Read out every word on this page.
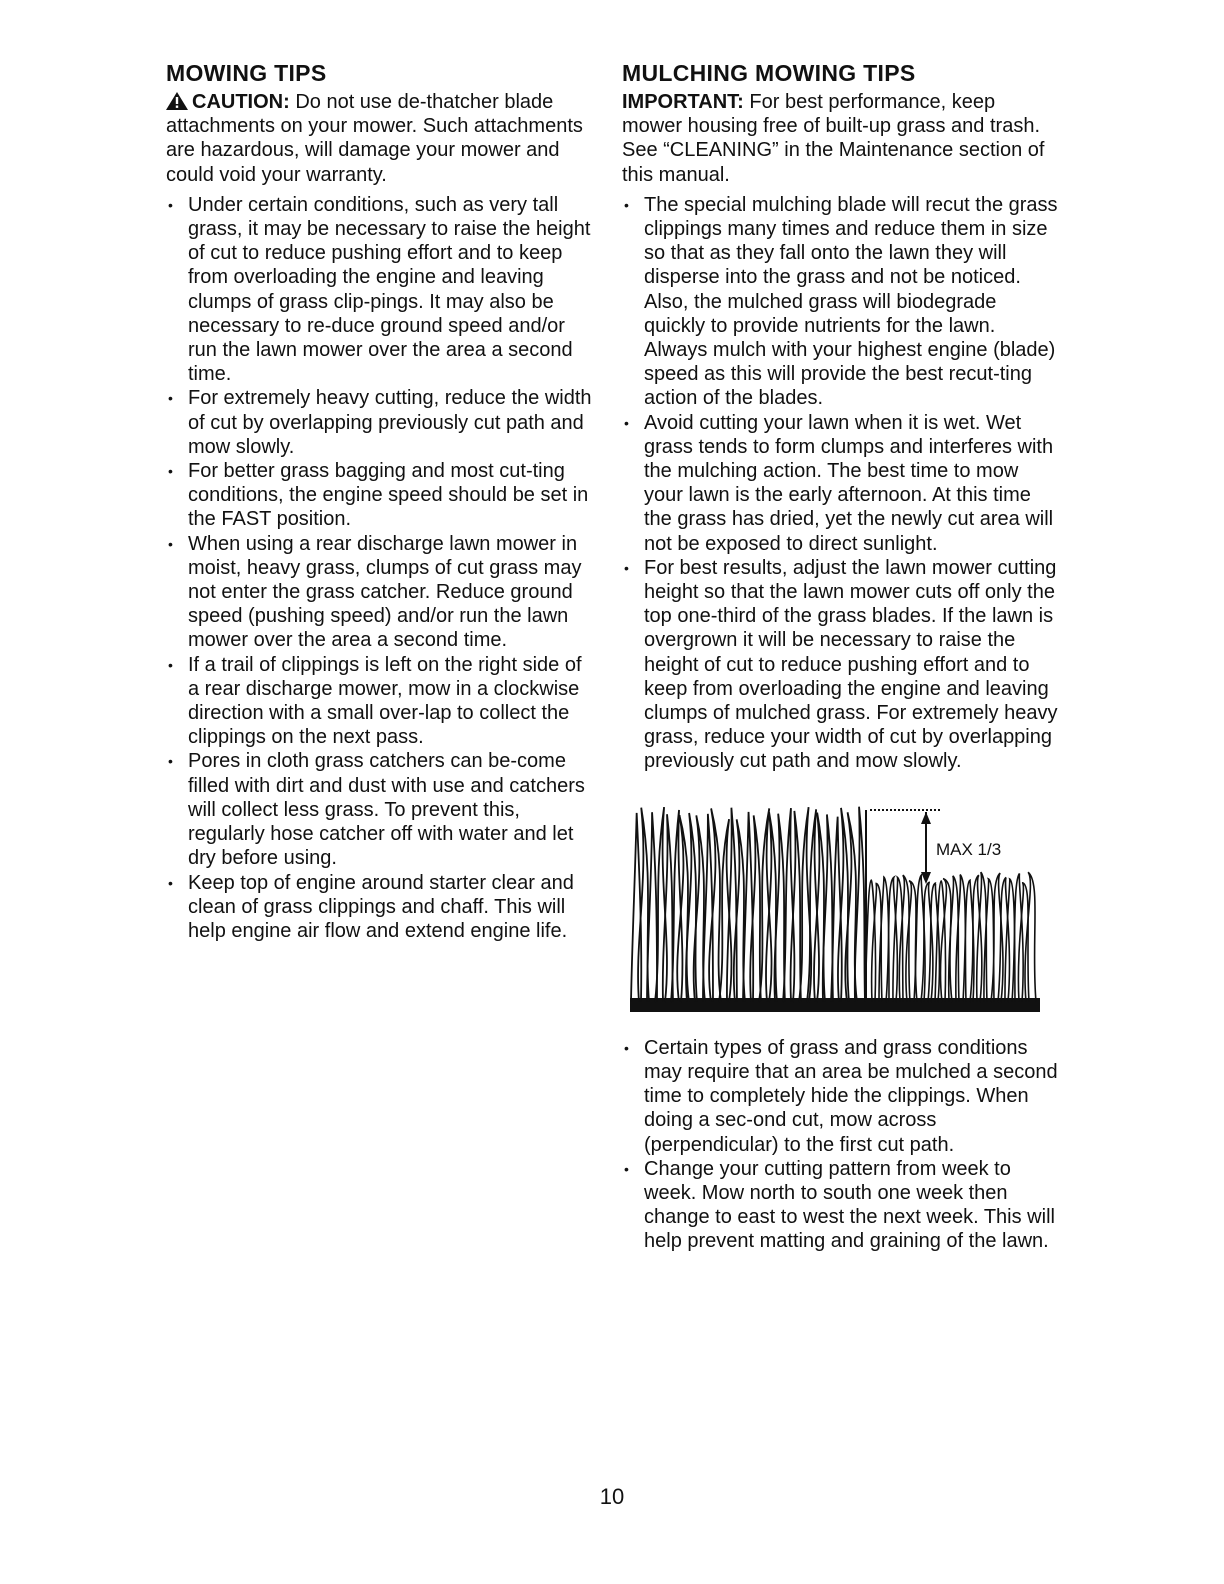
MOWING TIPS

CAUTION: Do not use de-thatcher blade attachments on your mower. Such attachments are hazardous, will damage your mower and could void your warranty.

• Under certain conditions, such as very tall grass, it may be necessary to raise the height of cut to reduce pushing effort and to keep from overloading the engine and leaving clumps of grass clip-pings. It may also be necessary to re-duce ground speed and/or run the lawn mower over the area a second time.
• For extremely heavy cutting, reduce the width of cut by overlapping previously cut path and mow slowly.
• For better grass bagging and most cut-ting conditions, the engine speed should be set in the FAST position.
• When using a rear discharge lawn mower in moist, heavy grass, clumps of cut grass may not enter the grass catcher. Reduce ground speed (pushing speed) and/or run the lawn mower over the area a second time.
• If a trail of clippings is left on the right side of a rear discharge mower, mow in a clockwise direction with a small over-lap to collect the clippings on the next pass.
• Pores in cloth grass catchers can be-come filled with dirt and dust with use and catchers will collect less grass. To prevent this, regularly hose catcher off with water and let dry before using.
• Keep top of engine around starter clear and clean of grass clippings and chaff. This will help engine air flow and extend engine life.
MULCHING MOWING TIPS

IMPORTANT: For best performance, keep mower housing free of built-up grass and trash. See “CLEANING” in the Maintenance section of this manual.

• The special mulching blade will recut the grass clippings many times and reduce them in size so that as they fall onto the lawn they will disperse into the grass and not be noticed. Also, the mulched grass will biodegrade quickly to provide nutrients for the lawn. Always mulch with your highest engine (blade) speed as this will provide the best recut-ting action of the blades.
• Avoid cutting your lawn when it is wet. Wet grass tends to form clumps and interferes with the mulching action. The best time to mow your lawn is the early afternoon. At this time the grass has dried, yet the newly cut area will not be exposed to direct sunlight.
• For best results, adjust the lawn mower cutting height so that the lawn mower cuts off only the top one-third of the grass blades. If the lawn is overgrown it will be necessary to raise the height of cut to reduce pushing effort and to keep from overloading the engine and leaving clumps of mulched grass. For extremely heavy grass, reduce your width of cut by overlapping previously cut path and mow slowly.
MAX 1/3
• Certain types of grass and grass conditions may require that an area be mulched a second time to completely hide the clippings. When doing a sec-ond cut, mow across (perpendicular) to the first cut path.
• Change your cutting pattern from week to week. Mow north to south one week then change to east to west the next week. This will help prevent matting and graining of the lawn.
10
